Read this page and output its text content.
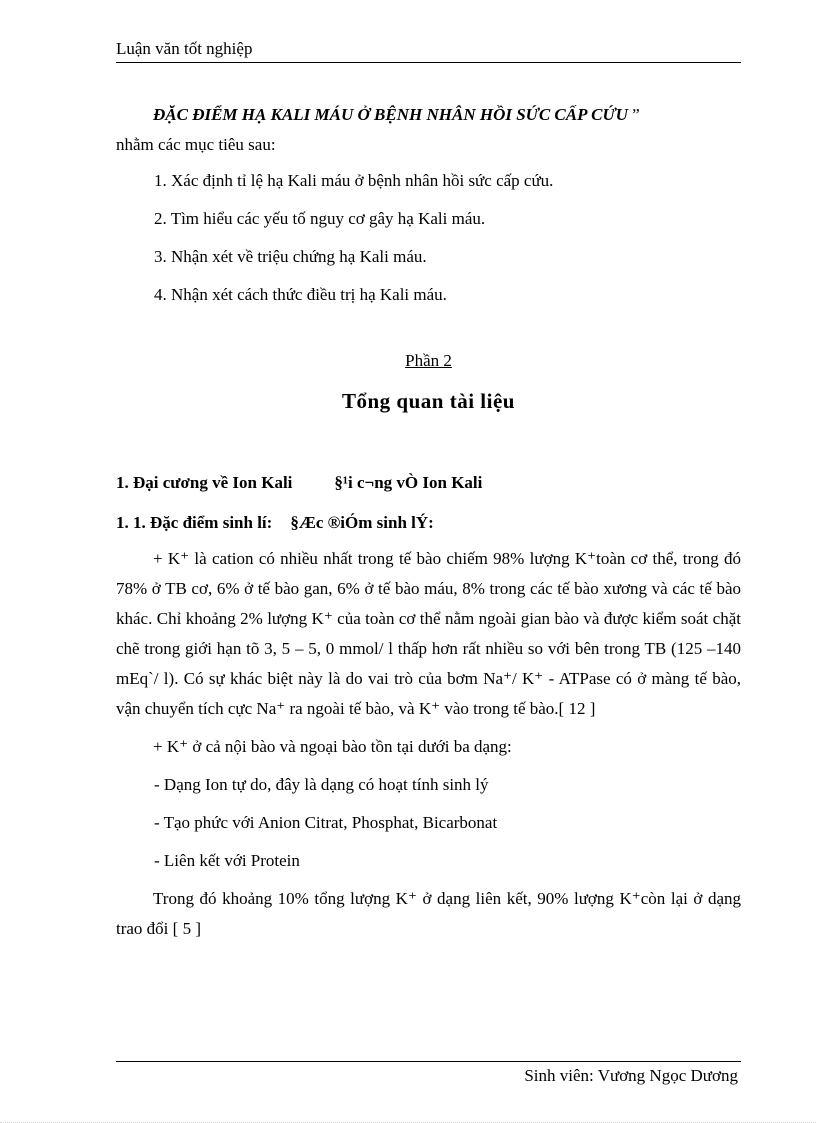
Luận văn tốt nghiệp
ĐẶC ĐIỂM HẠ KALI MÁU Ở BỆNH NHÂN HỒI SỨC CẤP CỨU ”

nhằm các mục tiêu sau:

1. Xác định tỉ lệ hạ Kali máu ở bệnh nhân hồi sức cấp cứu.
2. Tìm hiểu các yếu tố nguy cơ gây hạ Kali máu.
3. Nhận xét về triệu chứng hạ Kali máu.
4. Nhận xét cách thức điều trị hạ Kali máu.
Phần 2
Tổng quan tài liệu
1. Đại cương về Ion Kali §¹i c¬ng vÒ Ion Kali
1. 1. Đặc điểm sinh lí: §Æc ®iÓm sinh lÝ:
+ K⁺ là cation có nhiều nhất trong tế bào chiếm 98% lượng K⁺toàn cơ thể, trong đó 78% ở TB cơ, 6% ở tế bào gan, 6% ở tế bào máu, 8% trong các tế bào xương và các tế bào khác. Chỉ khoảng 2% lượng K⁺ của toàn cơ thể nằm ngoài gian bào và được kiểm soát chặt chẽ trong giới hạn tõ 3, 5 – 5, 0 mmol/ l thấp hơn rất nhiều so với bên trong TB (125 –140 mEq`/ l). Có sự khác biệt này là do vai trò của bơm Na⁺/ K⁺ - ATPase có ở màng tế bào, vận chuyển tích cực Na⁺ ra ngoài tế bào, và K⁺ vào trong tế bào.[ 12 ]
+ K⁺ ở cả nội bào và ngoại bào tồn tại dưới ba dạng:
- Dạng Ion tự do, đây là dạng có hoạt tính sinh lý
- Tạo phức với Anion Citrat, Phosphat, Bicarbonat
- Liên kết với Protein
Trong đó khoảng 10% tổng lượng K⁺ ở dạng liên kết, 90% lượng K⁺còn lại ở dạng trao đổi [ 5 ]
Sinh viên: Vương Ngọc Dương
